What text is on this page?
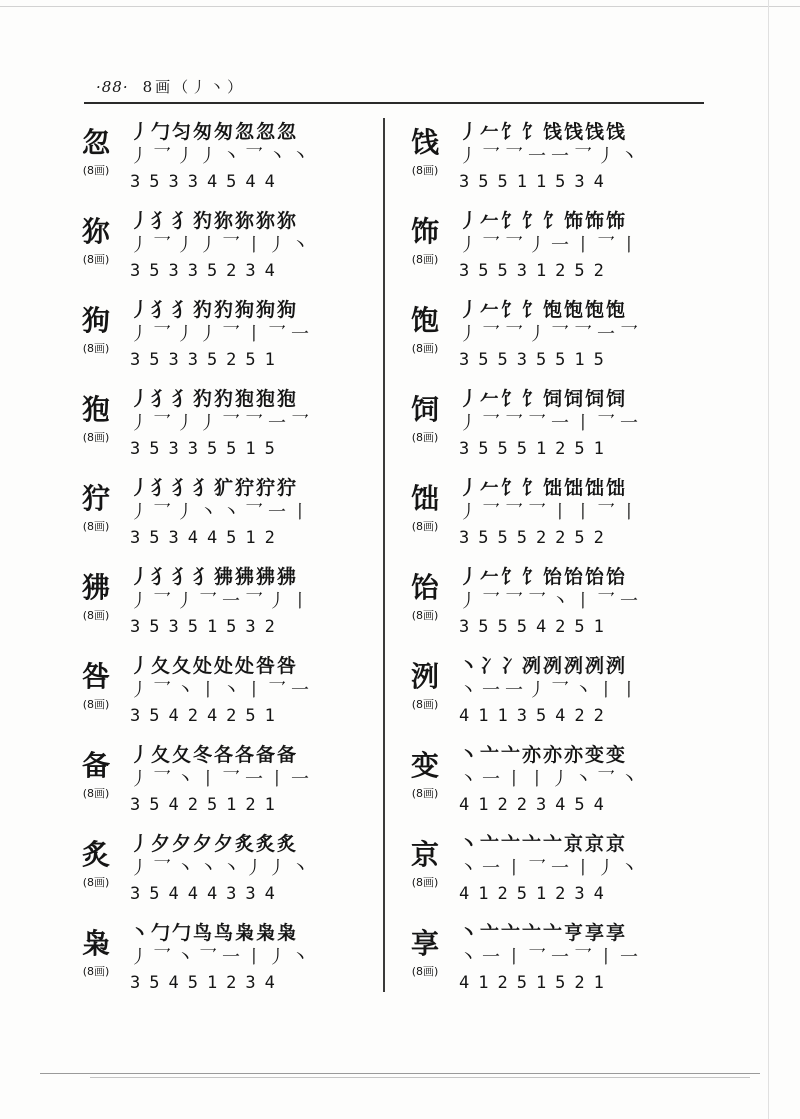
·88· 8画（丿丶）
忽
( 8画 )
丿勹匀匆匆忽忽忽
丿乛丿丿丶乛丶丶
35334544
狝
( 8画 )
丿犭犭犳狝狝狝狝
丿乛丿丿乛丨丿丶
35335234
狗
( 8画 )
丿犭犭犳犳狗狗狗
丿乛丿丿乛丨乛一
35335251
狍
( 8画 )
丿犭犭犳犳狍狍狍
丿乛丿丿乛乛一乛
35335515
狞
( 8画 )
丿犭犭犭犷狞狞狞
丿乛丿丶丶乛一丨
35344512
狒
( 8画 )
丿犭犭犭狒狒狒狒
丿乛丿乛一乛丿丨
35351532
咎
( 8画 )
丿夂夂处处处咎咎
丿乛丶丨丶丨乛一
35424251
备
( 8画 )
丿夂夂冬各各备备
丿乛丶丨乛一丨一
35425121
炙
( 8画 )
丿夕夕夕夕炙炙炙
丿乛丶丶丶丿丿丶
35444334
枭
( 8画 )
丶勹勹鸟鸟枭枭枭
丿乛丶乛一丨丿丶
35451234
饯
( 8画 )
丿𠂉饣饣饯饯饯饯
丿乛乛一一乛丿丶
35511534
饰
( 8画 )
丿𠂉饣饣饣饰饰饰
丿乛乛丿一丨乛丨
35531252
饱
( 8画 )
丿𠂉饣饣饱饱饱饱
丿乛乛丿乛乛一乛
35535515
饲
( 8画 )
丿𠂉饣饣饲饲饲饲
丿乛乛乛一丨乛一
35551251
饳
( 8画 )
丿𠂉饣饣饳饳饳饳
丿乛乛乛丨丨乛丨
35552252
饴
( 8画 )
丿𠂉饣饣饴饴饴饴
丿乛乛乛丶丨乛一
35554251
洌
( 8画 )
丶冫冫冽冽冽冽洌
丶一一丿乛丶丨丨
41135422
变
( 8画 )
丶亠亠亦亦亦变变
丶一丨丨丿丶乛丶
41223454
京
( 8画 )
丶亠亠亠亠京京京
丶一丨乛一丨丿丶
41251234
享
( 8画 )
丶亠亠亠亠亨享享
丶一丨乛一乛丨一
41251521
